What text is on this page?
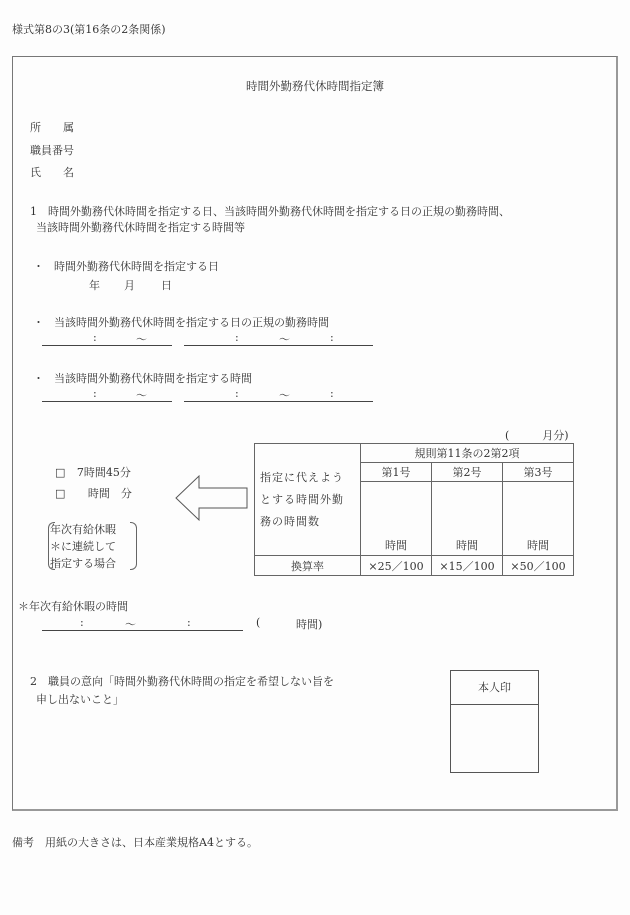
様式第8の3(第16条の2条関係)
時間外勤務代休時間指定簿
所　　属
職員番号
氏　　名
1　時間外勤務代休時間を指定する日、当該時間外勤務代休時間を指定する日の正規の勤務時間、
当該時間外勤務代休時間を指定する時間等
・ 時間外勤務代休時間を指定する日
年 月 日
・ 当該時間外勤務代休時間を指定する日の正規の勤務時間
:	～	:	～	:
・ 当該時間外勤務代休時間を指定する時間
:	～	:	～	:
(　　　月分)
□ 7時間45分
□ 　時間　分
年次有給休暇
＊に連続して
指定する場合
指定に代えよう
とする時間外勤
務の時間数	規則第11条の2第2項		
	第1号	第2号	第3号
	時間	時間	時間
換算率	×25／100	×15／100	×50／100
＊年次有給休暇の時間
:	～	:	(	時間)
2　職員の意向「時間外勤務代休時間の指定を希望しない旨を
申し出ないこと」
本人印
備考　用紙の大きさは、日本産業規格A4とする。
